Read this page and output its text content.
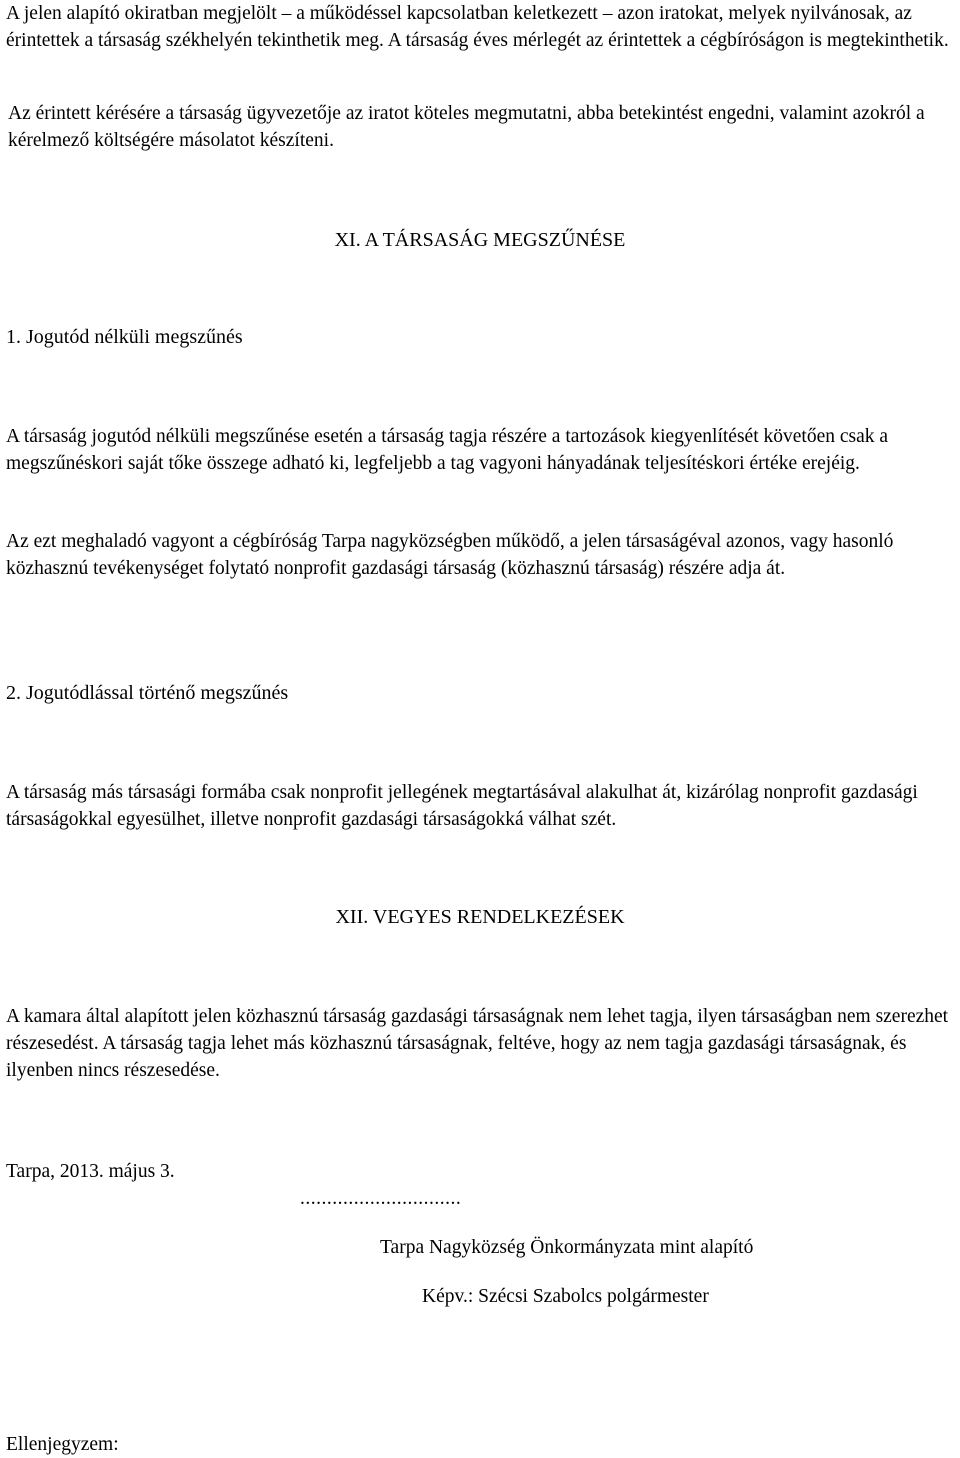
A jelen alapító okiratban megjelölt – a működéssel kapcsolatban keletkezett – azon iratokat, melyek nyilvánosak, az érintettek a társaság székhelyén tekinthetik meg. A társaság éves mérlegét az érintettek a cégbíróságon is megtekinthetik.

Az érintett kérésére a társaság ügyvezetője az iratot köteles megmutatni, abba betekintést engedni, valamint azokról a kérelmező költségére másolatot készíteni.

XI. A TÁRSASÁG MEGSZŰNÉSE
1. Jogutód nélküli megszűnés

A társaság jogutód nélküli megszűnése esetén a társaság tagja részére a tartozások kiegyenlítését követően csak a megszűnéskori saját tőke összege adható ki, legfeljebb a tag vagyoni hányadának teljesítéskori értéke erejéig.

Az ezt meghaladó vagyont a cégbíróság Tarpa nagyközségben működő, a jelen társaságéval azonos, vagy hasonló közhasznú tevékenységet folytató nonprofit gazdasági társaság (közhasznú társaság) részére adja át.

2. Jogutódlással történő megszűnés

A társaság más társasági formába csak nonprofit jellegének megtartásával alakulhat át, kizárólag nonprofit gazdasági társaságokkal egyesülhet, illetve nonprofit gazdasági társaságokká válhat szét.

XII. VEGYES RENDELKEZÉSEK

A kamara által alapított jelen közhasznú társaság gazdasági társaságnak nem lehet tagja, ilyen társaságban nem szerezhet részesedést. A társaság tagja lehet más közhasznú társaságnak, feltéve, hogy az nem tagja gazdasági társaságnak, és ilyenben nincs részesedése.

Tarpa, 2013. május 3.

..............................

Tarpa Nagyközség Önkormányzata mint alapító

Képv.: Szécsi Szabolcs polgármester

Ellenjegyzem:
